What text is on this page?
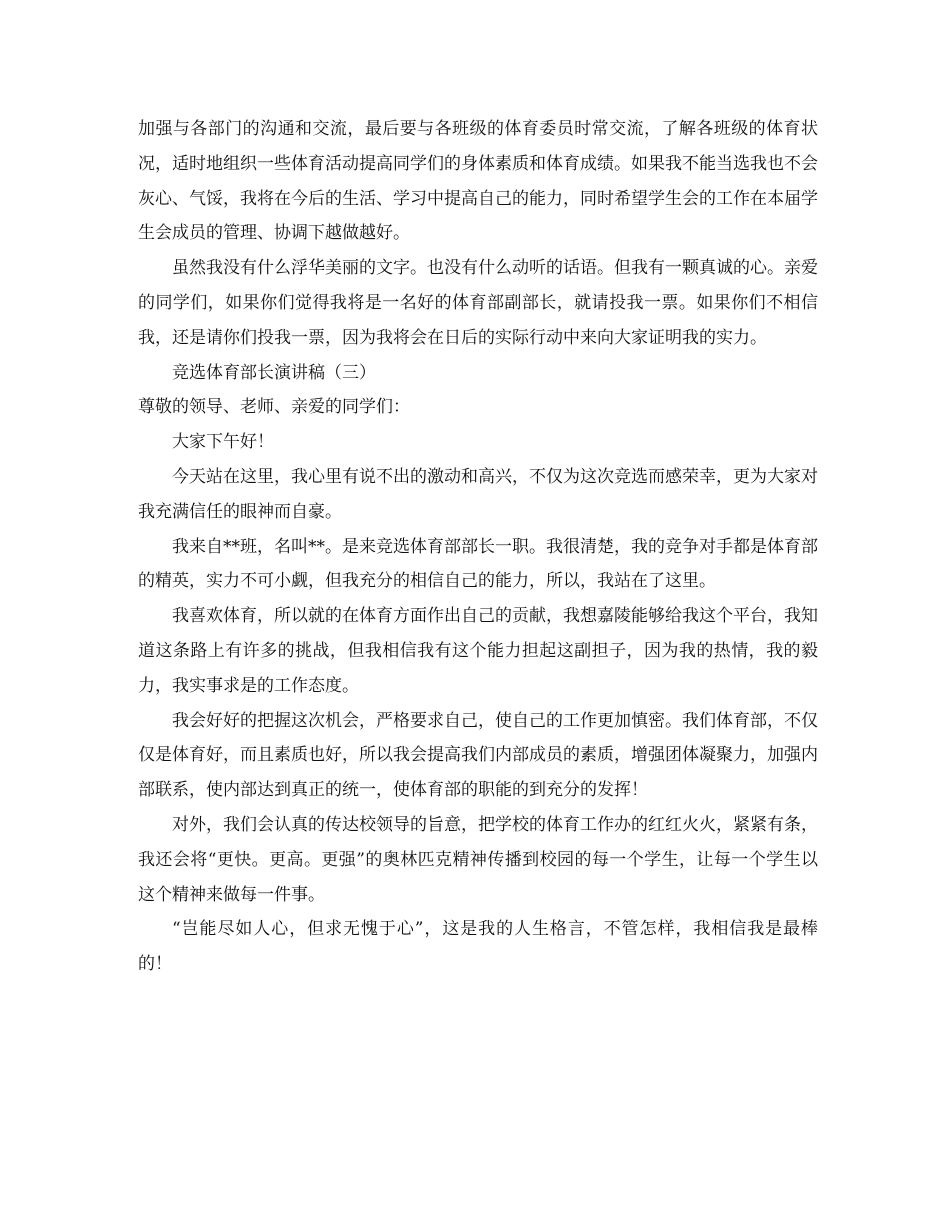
加强与各部门的沟通和交流，最后要与各班级的体育委员时常交流，了解各班级的体育状况，适时地组织一些体育活动提高同学们的身体素质和体育成绩。如果我不能当选我也不会灰心、气馁，我将在今后的生活、学习中提高自己的能力，同时希望学生会的工作在本届学生会成员的管理、协调下越做越好。

虽然我没有什么浮华美丽的文字。也没有什么动听的话语。但我有一颗真诚的心。亲爱的同学们，如果你们觉得我将是一名好的体育部副部长，就请投我一票。如果你们不相信我，还是请你们投我一票，因为我将会在日后的实际行动中来向大家证明我的实力。

竞选体育部长演讲稿（三）

尊敬的领导、老师、亲爱的同学们：

大家下午好！

今天站在这里，我心里有说不出的激动和高兴，不仅为这次竞选而感荣幸，更为大家对我充满信任的眼神而自豪。

我来自**班，名叫**。是来竞选体育部部长一职。我很清楚，我的竞争对手都是体育部的精英，实力不可小觑，但我充分的相信自己的能力，所以，我站在了这里。

我喜欢体育，所以就的在体育方面作出自己的贡献，我想嘉陵能够给我这个平台，我知道这条路上有许多的挑战，但我相信我有这个能力担起这副担子，因为我的热情，我的毅力，我实事求是的工作态度。

我会好好的把握这次机会，严格要求自己，使自己的工作更加慎密。我们体育部，不仅仅是体育好，而且素质也好，所以我会提高我们内部成员的素质，增强团体凝聚力，加强内部联系，使内部达到真正的统一，使体育部的职能的到充分的发挥！

对外，我们会认真的传达校领导的旨意，把学校的体育工作办的红红火火，紧紧有条，我还会将“更快。更高。更强”的奥林匹克精神传播到校园的每一个学生，让每一个学生以这个精神来做每一件事。

“岂能尽如人心，但求无愧于心”，这是我的人生格言，不管怎样，我相信我是最棒的！
